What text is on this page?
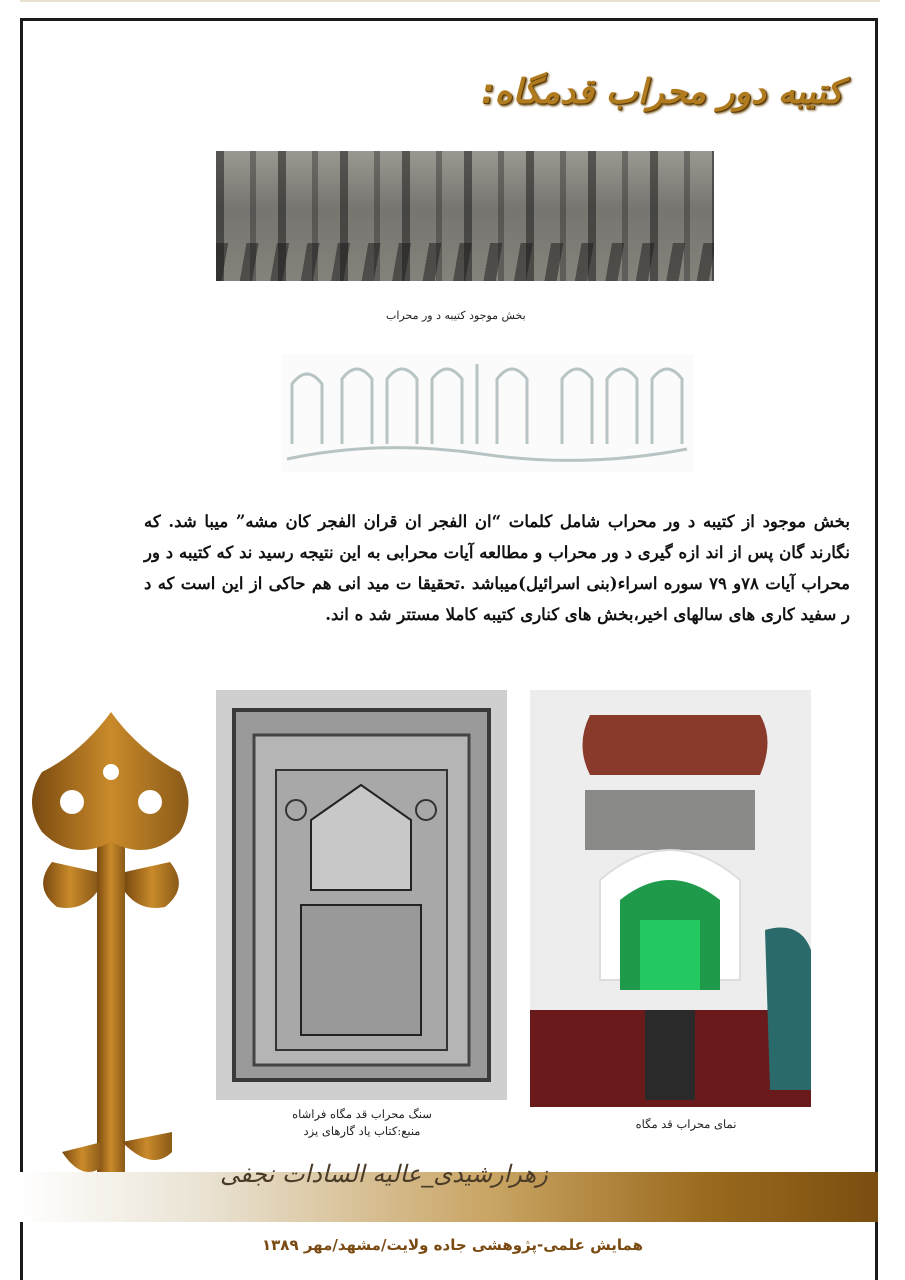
کتیبه دور محراب قدمگاه:
بخش موجود کتیبه د ور محراب
بخش موجود از کتیبه د ور محراب شامل کلمات “ان الفجر ان قران الفجر کان مشه” میبا شد. که نگارند گان پس از اند ازه گیری د ور محراب و مطالعه آیات محرابی به این نتیجه رسید ند که کتیبه د ور محراب آیات ۷۸و ۷۹ سوره اسراء(بنی اسرائیل)میباشد .تحقیقا ت مید انی هم حاکی از این است که د ر سفید کاری های سالهای اخیر،بخش های کناری کتیبه کاملا مستتر شد ه اند.
سنگ محراب قد مگاه فراشاه
منبع:کتاب یاد گارهای یزد	نمای محراب قد مگاه
زهرارشیدی_عالیه السادات نجفی
همایش علمی-پژوهشی جاده ولایت/مشهد/مهر ۱۳۸۹
